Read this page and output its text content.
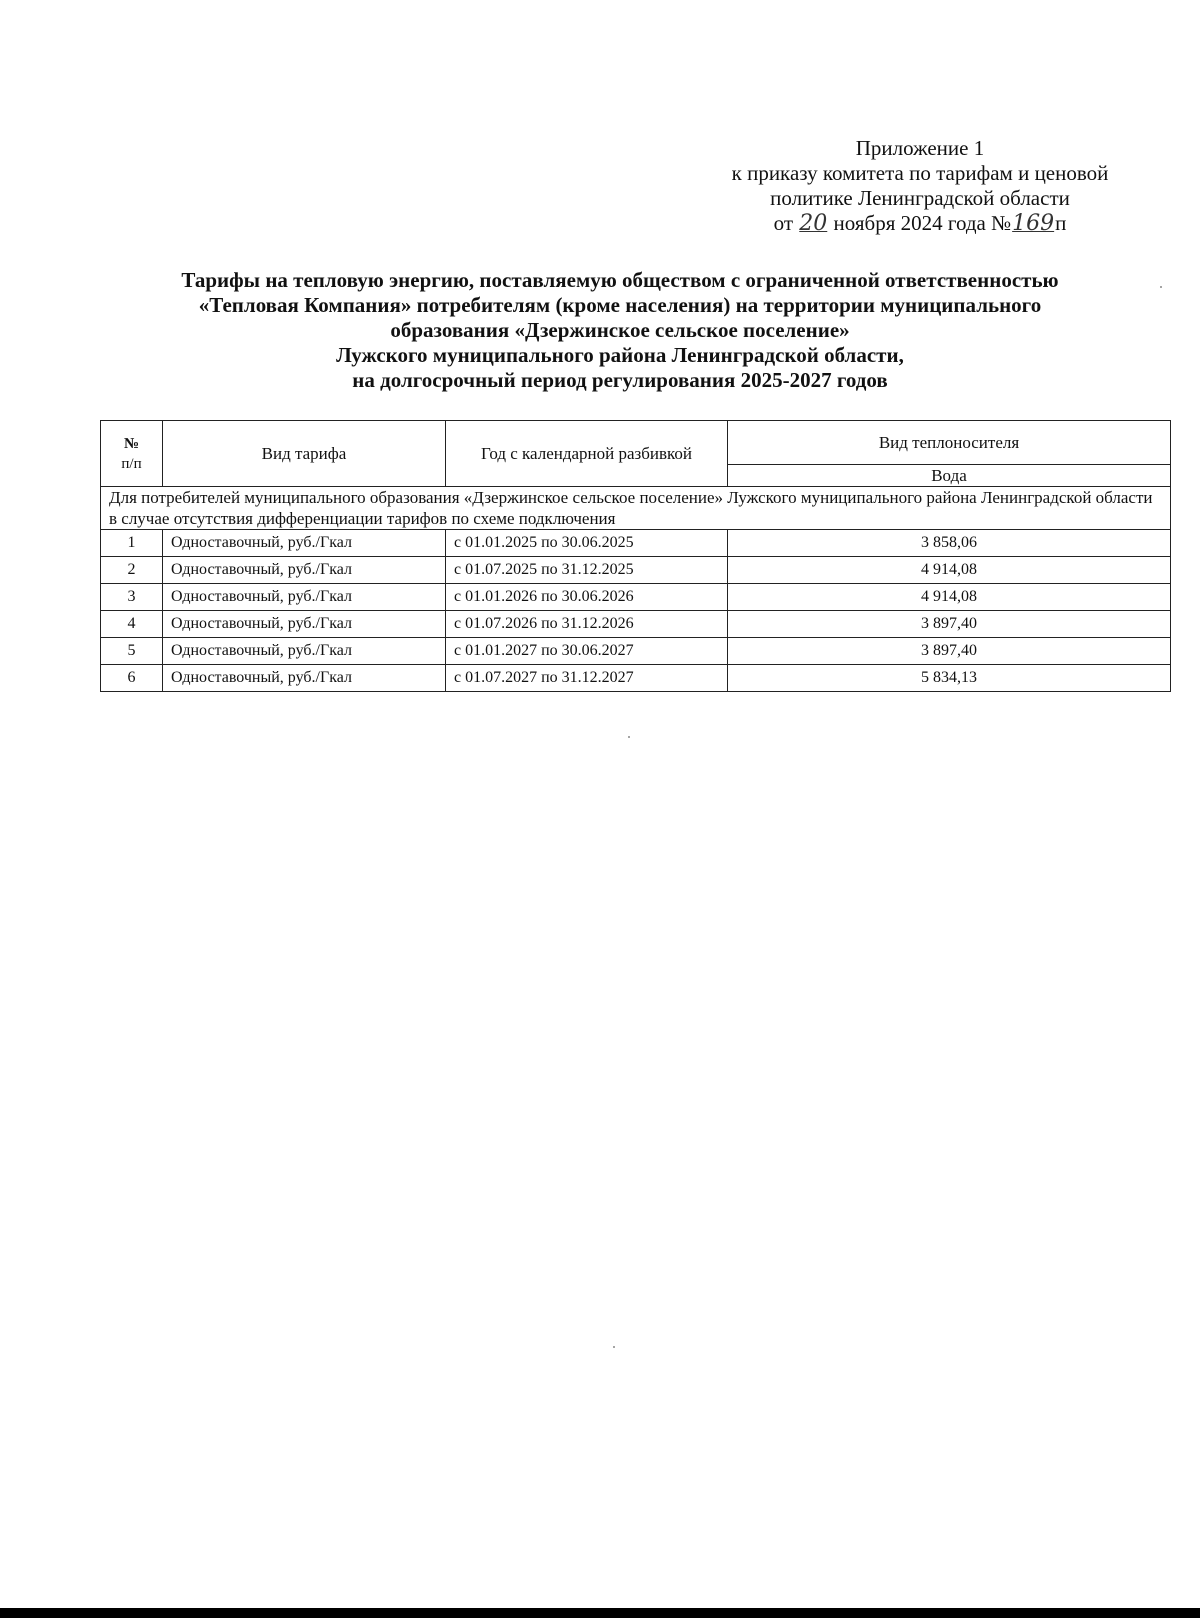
Приложение 1
к приказу комитета по тарифам и ценовой
политике Ленинградской области
от 20 ноября 2024 года №169п
Тарифы на тепловую энергию, поставляемую обществом с ограниченной ответственностью
«Тепловая Компания» потребителям (кроме населения) на территории муниципального
образования «Дзержинское сельское поселение»
Лужского муниципального района Ленинградской области,
на долгосрочный период регулирования 2025-2027 годов
№
п/п	Вид тарифа	Год с календарной разбивкой	Вид теплоносителя
			Вода
Для потребителей муниципального образования «Дзержинское сельское поселение» Лужского муниципального района Ленинградской области в случае отсутствия дифференциации тарифов по схеме подключения			
1	Одноставочный, руб./Гкал	с 01.01.2025 по 30.06.2025	3 858,06
2	Одноставочный, руб./Гкал	с 01.07.2025 по 31.12.2025	4 914,08
3	Одноставочный, руб./Гкал	с 01.01.2026 по 30.06.2026	4 914,08
4	Одноставочный, руб./Гкал	с 01.07.2026 по 31.12.2026	3 897,40
5	Одноставочный, руб./Гкал	с 01.01.2027 по 30.06.2027	3 897,40
6	Одноставочный, руб./Гкал	с 01.07.2027 по 31.12.2027	5 834,13
